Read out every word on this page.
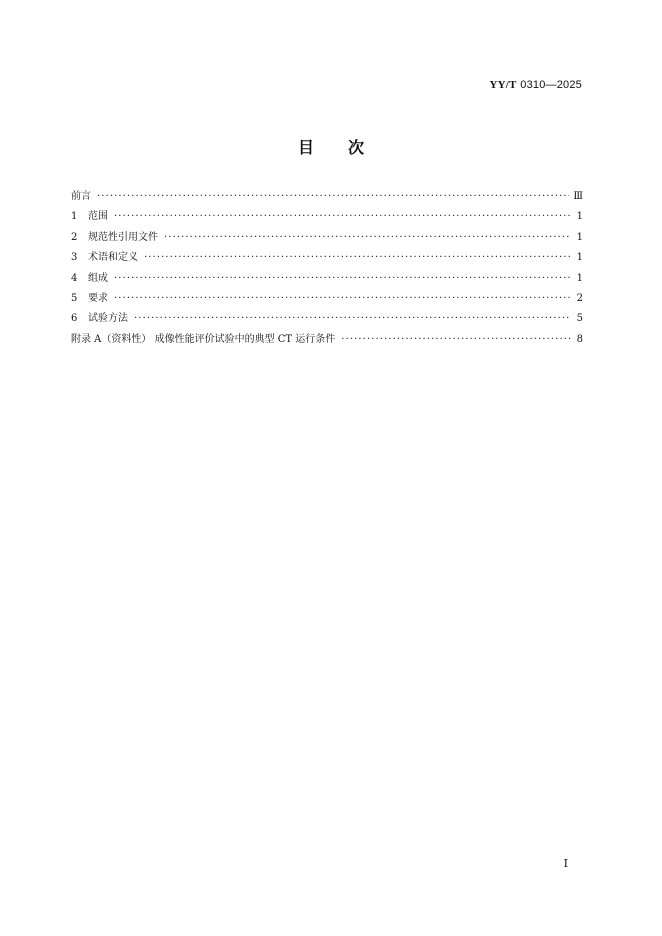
YY/T 0310—2025
目次
前言 ·····	Ⅲ
1	范围 ·····	1
2	规范性引用文件 ·····	1
3	术语和定义 ·····	1
4	组成 ·····	1
5	要求 ·····	2
6	试验方法 ·····	5
附录 A（资料性） 成像性能评价试验中的典型 CT 运行条件 ·····	8
Ⅰ
